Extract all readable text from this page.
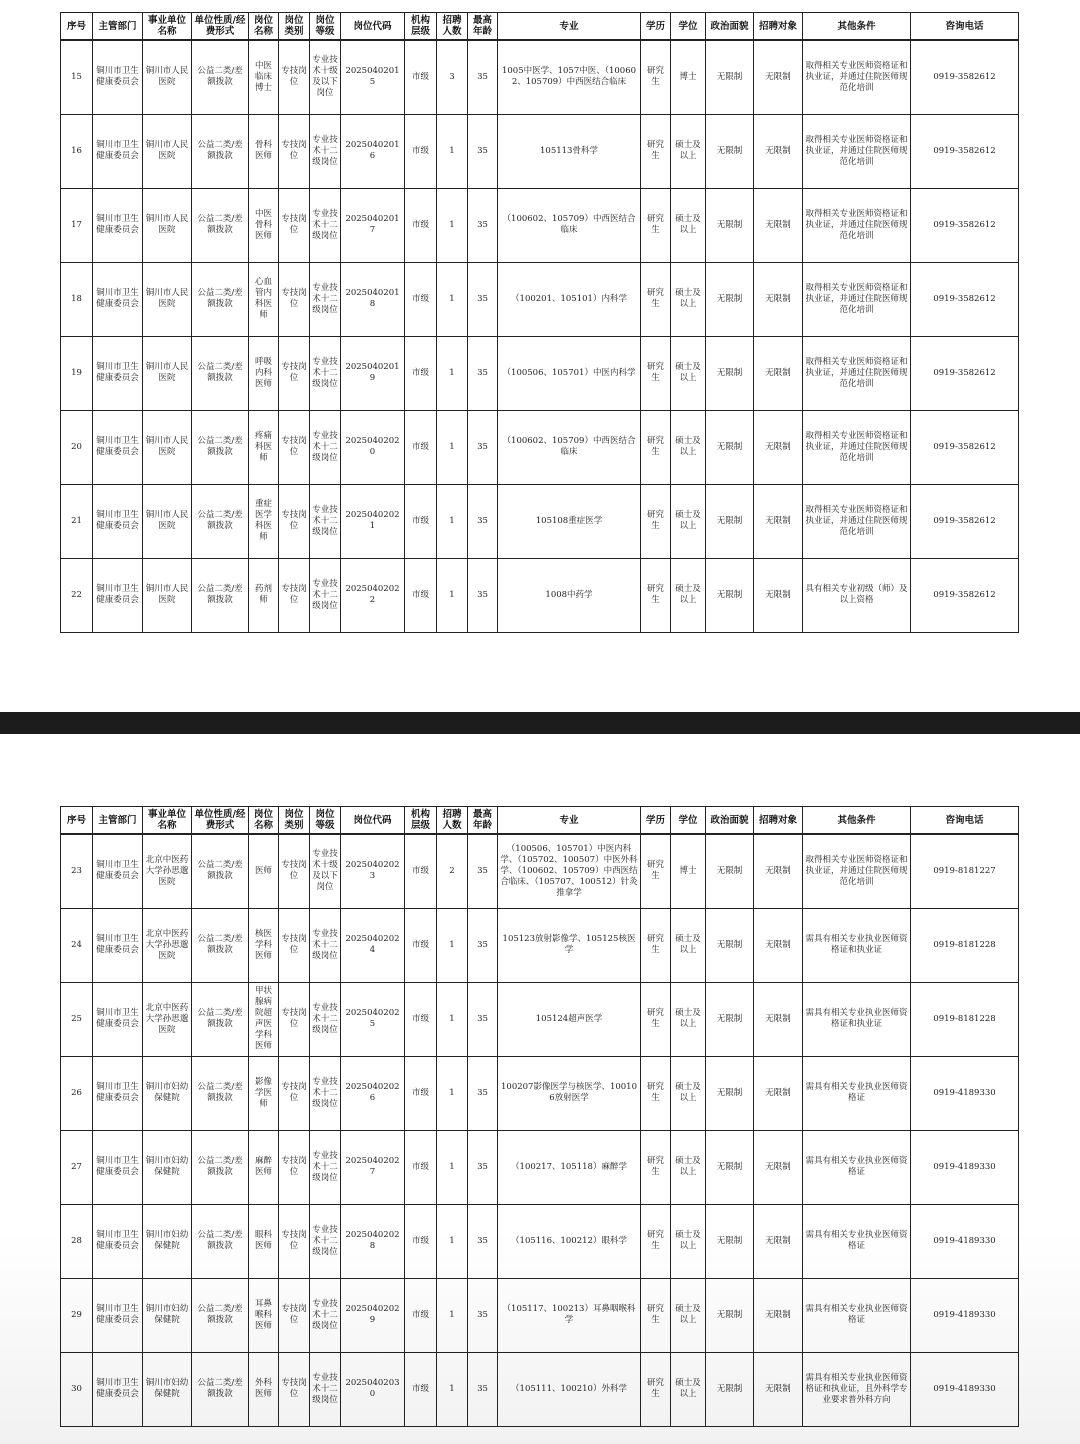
序号	主管部门	事业单位名称	单位性质/经费形式	岗位名称	岗位类别	岗位等级	岗位代码	机构层级	招聘人数	最高年龄	专业	学历	学位	政治面貌	招聘对象	其他条件	咨询电话
15	铜川市卫生健康委员会	铜川市人民医院	公益二类/差额拨款	中医临床博士	专技岗位	专业技术十级及以下岗位	20250402015	市级	3	35	1005中医学、1057中医、（100602、105709）中西医结合临床	研究生	博士	无限制	无限制	取得相关专业医师资格证和执业证，并通过住院医师规范化培训	0919-3582612
16	铜川市卫生健康委员会	铜川市人民医院	公益二类/差额拨款	骨科医师	专技岗位	专业技术十二级岗位	20250402016	市级	1	35	105113骨科学	研究生	硕士及以上	无限制	无限制	取得相关专业医师资格证和执业证，并通过住院医师规范化培训	0919-3582612
17	铜川市卫生健康委员会	铜川市人民医院	公益二类/差额拨款	中医骨科医师	专技岗位	专业技术十二级岗位	20250402017	市级	1	35	（100602、105709）中西医结合临床	研究生	硕士及以上	无限制	无限制	取得相关专业医师资格证和执业证，并通过住院医师规范化培训	0919-3582612
18	铜川市卫生健康委员会	铜川市人民医院	公益二类/差额拨款	心血管内科医师	专技岗位	专业技术十二级岗位	20250402018	市级	1	35	（100201、105101）内科学	研究生	硕士及以上	无限制	无限制	取得相关专业医师资格证和执业证，并通过住院医师规范化培训	0919-3582612
19	铜川市卫生健康委员会	铜川市人民医院	公益二类/差额拨款	呼吸内科医师	专技岗位	专业技术十二级岗位	20250402019	市级	1	35	（100506、105701）中医内科学	研究生	硕士及以上	无限制	无限制	取得相关专业医师资格证和执业证，并通过住院医师规范化培训	0919-3582612
20	铜川市卫生健康委员会	铜川市人民医院	公益二类/差额拨款	疼痛科医师	专技岗位	专业技术十二级岗位	20250402020	市级	1	35	（100602、105709）中西医结合临床	研究生	硕士及以上	无限制	无限制	取得相关专业医师资格证和执业证，并通过住院医师规范化培训	0919-3582612
21	铜川市卫生健康委员会	铜川市人民医院	公益二类/差额拨款	重症医学科医师	专技岗位	专业技术十二级岗位	20250402021	市级	1	35	105108重症医学	研究生	硕士及以上	无限制	无限制	取得相关专业医师资格证和执业证，并通过住院医师规范化培训	0919-3582612
22	铜川市卫生健康委员会	铜川市人民医院	公益二类/差额拨款	药剂师	专技岗位	专业技术十二级岗位	20250402022	市级	1	35	1008中药学	研究生	硕士及以上	无限制	无限制	具有相关专业初级（师）及以上资格	0919-3582612
序号	主管部门	事业单位名称	单位性质/经费形式	岗位名称	岗位类别	岗位等级	岗位代码	机构层级	招聘人数	最高年龄	专业	学历	学位	政治面貌	招聘对象	其他条件	咨询电话
23	铜川市卫生健康委员会	北京中医药大学孙思邈医院	公益二类/差额拨款	医师	专技岗位	专业技术十级及以下岗位	20250402023	市级	2	35	（100506、105701）中医内科学、（105702、100507）中医外科学、（100602、105709）中西医结合临床、（105707、100512）针灸推拿学	研究生	博士	无限制	无限制	取得相关专业医师资格证和执业证，并通过住院医师规范化培训	0919-8181227
24	铜川市卫生健康委员会	北京中医药大学孙思邈医院	公益二类/差额拨款	核医学科医师	专技岗位	专业技术十二级岗位	20250402024	市级	1	35	105123放射影像学、105125核医学	研究生	硕士及以上	无限制	无限制	需具有相关专业执业医师资格证和执业证	0919-8181228
25	铜川市卫生健康委员会	北京中医药大学孙思邈医院	公益二类/差额拨款	甲状腺病院超声医学科医师	专技岗位	专业技术十二级岗位	20250402025	市级	1	35	105124超声医学	研究生	硕士及以上	无限制	无限制	需具有相关专业执业医师资格证和执业证	0919-8181228
26	铜川市卫生健康委员会	铜川市妇幼保健院	公益二类/差额拨款	影像学医师	专技岗位	专业技术十二级岗位	20250402026	市级	1	35	100207影像医学与核医学、100106放射医学	研究生	硕士及以上	无限制	无限制	需具有相关专业执业医师资格证	0919-4189330
27	铜川市卫生健康委员会	铜川市妇幼保健院	公益二类/差额拨款	麻醉医师	专技岗位	专业技术十二级岗位	20250402027	市级	1	35	（100217、105118）麻醉学	研究生	硕士及以上	无限制	无限制	需具有相关专业执业医师资格证	0919-4189330
28	铜川市卫生健康委员会	铜川市妇幼保健院	公益二类/差额拨款	眼科医师	专技岗位	专业技术十二级岗位	20250402028	市级	1	35	（105116、100212）眼科学	研究生	硕士及以上	无限制	无限制	需具有相关专业执业医师资格证	0919-4189330
29	铜川市卫生健康委员会	铜川市妇幼保健院	公益二类/差额拨款	耳鼻喉科医师	专技岗位	专业技术十二级岗位	20250402029	市级	1	35	（105117、100213）耳鼻咽喉科学	研究生	硕士及以上	无限制	无限制	需具有相关专业执业医师资格证	0919-4189330
30	铜川市卫生健康委员会	铜川市妇幼保健院	公益二类/差额拨款	外科医师	专技岗位	专业技术十二级岗位	20250402030	市级	1	35	（105111、100210）外科学	研究生	硕士及以上	无限制	无限制	需具有相关专业执业医师资格证和执业证，且外科学专业要求普外科方向	0919-4189330
